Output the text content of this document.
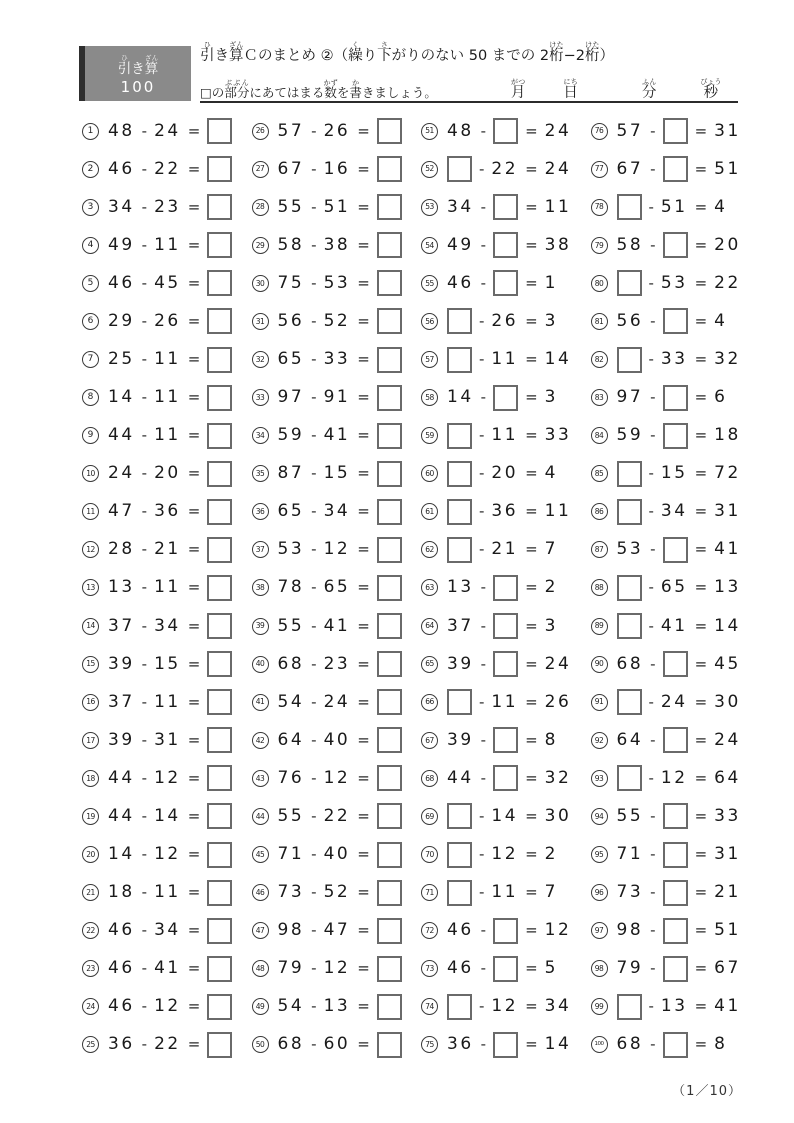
引ひき算ざん
100
引ひき算ざんＣのまとめ ②（繰くり下さがりのない 50 までの 2桁けた−2桁けた）
□の部分ぶぶんにあてはまる数かずを書かきましょう。	月がつ
日にち
分ふん
秒びょう
1 48 - 24 =
2 46 - 22 =
3 34 - 23 =
4 49 - 11 =
5 46 - 45 =
6 29 - 26 =
7 25 - 11 =
8 14 - 11 =
9 44 - 11 =
10 24 - 20 =
11 47 - 36 =
12 28 - 21 =
13 13 - 11 =
14 37 - 34 =
15 39 - 15 =
16 37 - 11 =
17 39 - 31 =
18 44 - 12 =
19 44 - 14 =
20 14 - 12 =
21 18 - 11 =
22 46 - 34 =
23 46 - 41 =
24 46 - 12 =
25 36 - 22 =
26 57 - 26 =
27 67 - 16 =
28 55 - 51 =
29 58 - 38 =
30 75 - 53 =
31 56 - 52 =
32 65 - 33 =
33 97 - 91 =
34 59 - 41 =
35 87 - 15 =
36 65 - 34 =
37 53 - 12 =
38 78 - 65 =
39 55 - 41 =
40 68 - 23 =
41 54 - 24 =
42 64 - 40 =
43 76 - 12 =
44 55 - 22 =
45 71 - 40 =
46 73 - 52 =
47 98 - 47 =
48 79 - 12 =
49 54 - 13 =
50 68 - 60 =
51 48 -	= 24
52	- 22 = 24
53 34 -	= 11
54 49 -	= 38
55 46 -	= 1
56	- 26 = 3
57	- 11 = 14
58 14 -	= 3
59	- 11 = 33
60	- 20 = 4
61	- 36 = 11
62	- 21 = 7
63 13 -	= 2
64 37 -	= 3
65 39 -	= 24
66	- 11 = 26
67 39 -	= 8
68 44 -	= 32
69	- 14 = 30
70	- 12 = 2
71	- 11 = 7
72 46 -	= 12
73 46 -	= 5
74	- 12 = 34
75 36 -	= 14
76 57 -	= 31
77 67 -	= 51
78	- 51 = 4
79 58 -	= 20
80	- 53 = 22
81 56 -	= 4
82	- 33 = 32
83 97 -	= 6
84 59 -	= 18
85	- 15 = 72
86	- 34 = 31
87 53 -	= 41
88	- 65 = 13
89	- 41 = 14
90 68 -	= 45
91	- 24 = 30
92 64 -	= 24
93	- 12 = 64
94 55 -	= 33
95 71 -	= 31
96 73 -	= 21
97 98 -	= 51
98 79 -	= 67
99	- 13 = 41
100 68 -	= 8
（1／10）
